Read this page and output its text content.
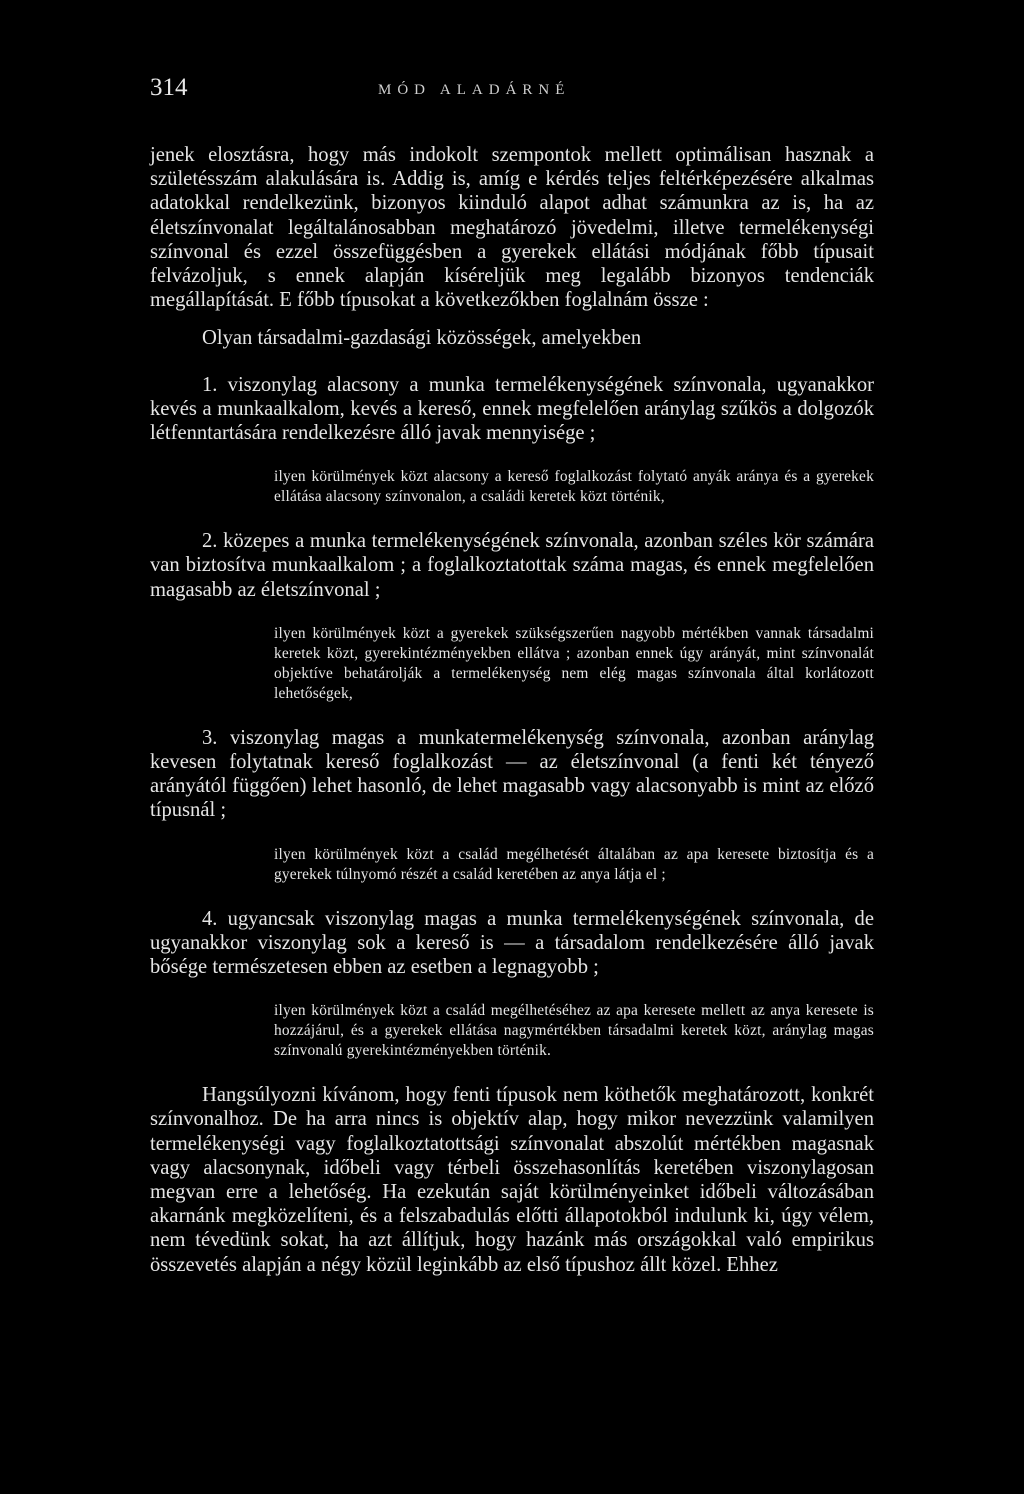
314	MÓD ALADÁRNÉ

jenek elosztásra, hogy más indokolt szempontok mellett optimálisan hasznak a születésszám alakulására is. Addig is, amíg e kérdés teljes feltérképezésére alkalmas adatokkal rendelkezünk, bizonyos kiinduló alapot adhat számunkra az is, ha az életszínvonalat legáltalánosabban meghatározó jövedelmi, illetve termelékenységi színvonal és ezzel összefüggésben a gyerekek ellátási módjának főbb típusait felvázoljuk, s ennek alapján kíséreljük meg legalább bizonyos tendenciák megállapítását. E főbb típusokat a következőkben foglalnám össze :

Olyan társadalmi-gazdasági közösségek, amelyekben

1. viszonylag alacsony a munka termelékenységének színvonala, ugyanakkor kevés a munkaalkalom, kevés a kereső, ennek megfelelően aránylag szűkös a dolgozók létfenntartására rendelkezésre álló javak mennyisége ;

ilyen körülmények közt alacsony a kereső foglalkozást folytató anyák aránya és a gyerekek ellátása alacsony színvonalon, a családi keretek közt történik,

2. közepes a munka termelékenységének színvonala, azonban széles kör számára van biztosítva munkaalkalom ; a foglalkoztatottak száma magas, és ennek megfelelően magasabb az életszínvonal ;

ilyen körülmények közt a gyerekek szükségszerűen nagyobb mértékben vannak társadalmi keretek közt, gyerekintézményekben ellátva ; azonban ennek úgy arányát, mint színvonalát objektíve behatárolják a termelékenység nem elég magas színvonala által korlátozott lehetőségek,

3. viszonylag magas a munkatermelékenység színvonala, azonban aránylag kevesen folytatnak kereső foglalkozást — az életszínvonal (a fenti két tényező arányától függően) lehet hasonló, de lehet magasabb vagy alacsonyabb is mint az előző típusnál ;

ilyen körülmények közt a család megélhetését általában az apa keresete biztosítja és a gyerekek túlnyomó részét a család keretében az anya látja el ;

4. ugyancsak viszonylag magas a munka termelékenységének színvonala, de ugyanakkor viszonylag sok a kereső is — a társadalom rendelkezésére álló javak bősége természetesen ebben az esetben a legnagyobb ;

ilyen körülmények közt a család megélhetéséhez az apa keresete mellett az anya keresete is hozzájárul, és a gyerekek ellátása nagymértékben társadalmi keretek közt, aránylag magas színvonalú gyerekintézményekben történik.

Hangsúlyozni kívánom, hogy fenti típusok nem köthetők meghatározott, konkrét színvonalhoz. De ha arra nincs is objektív alap, hogy mikor nevezzünk valamilyen termelékenységi vagy foglalkoztatottsági színvonalat abszolút mértékben magasnak vagy alacsonynak, időbeli vagy térbeli összehasonlítás keretében viszonylagosan megvan erre a lehetőség. Ha ezekután saját körülményeinket időbeli változásában akarnánk megközelíteni, és a felszabadulás előtti állapotokból indulunk ki, úgy vélem, nem tévedünk sokat, ha azt állítjuk, hogy hazánk más országokkal való empirikus összevetés alapján a négy közül leginkább az első típushoz állt közel. Ehhez
